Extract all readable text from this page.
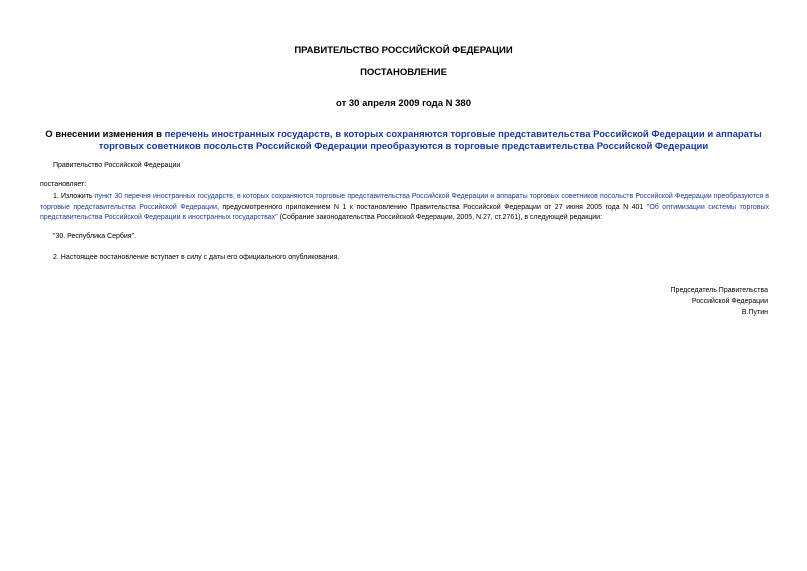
ПРАВИТЕЛЬСТВО РОССИЙСКОЙ ФЕДЕРАЦИИ
ПОСТАНОВЛЕНИЕ
от 30 апреля 2009 года N 380
О внесении изменения в перечень иностранных государств, в которых сохраняются торговые представительства Российской Федерации и аппараты торговых советников посольств Российской Федерации преобразуются в торговые представительства Российской Федерации
Правительство Российской Федерации
постановляет:
1. Изложить пункт 30 перечня иностранных государств, в которых сохраняются торговые представительства Российской Федерации и аппараты торговых советников посольств Российской Федерации преобразуются в торговые представительства Российской Федерации, предусмотренного приложением N 1 к постановлению Правительства Российской Федерации от 27 июня 2005 года N 401 "Об оптимизации системы торговых представительства Российской Федерации в иностранных государствах" (Собрание законодательства Российской Федерации, 2005, N 27, ст.2761), в следующей редакции:
"30. Республика Сербия".
2. Настоящее постановление вступает в силу с даты его официального опубликования.
Председатель Правительства
Российской Федерации
В.Путин
